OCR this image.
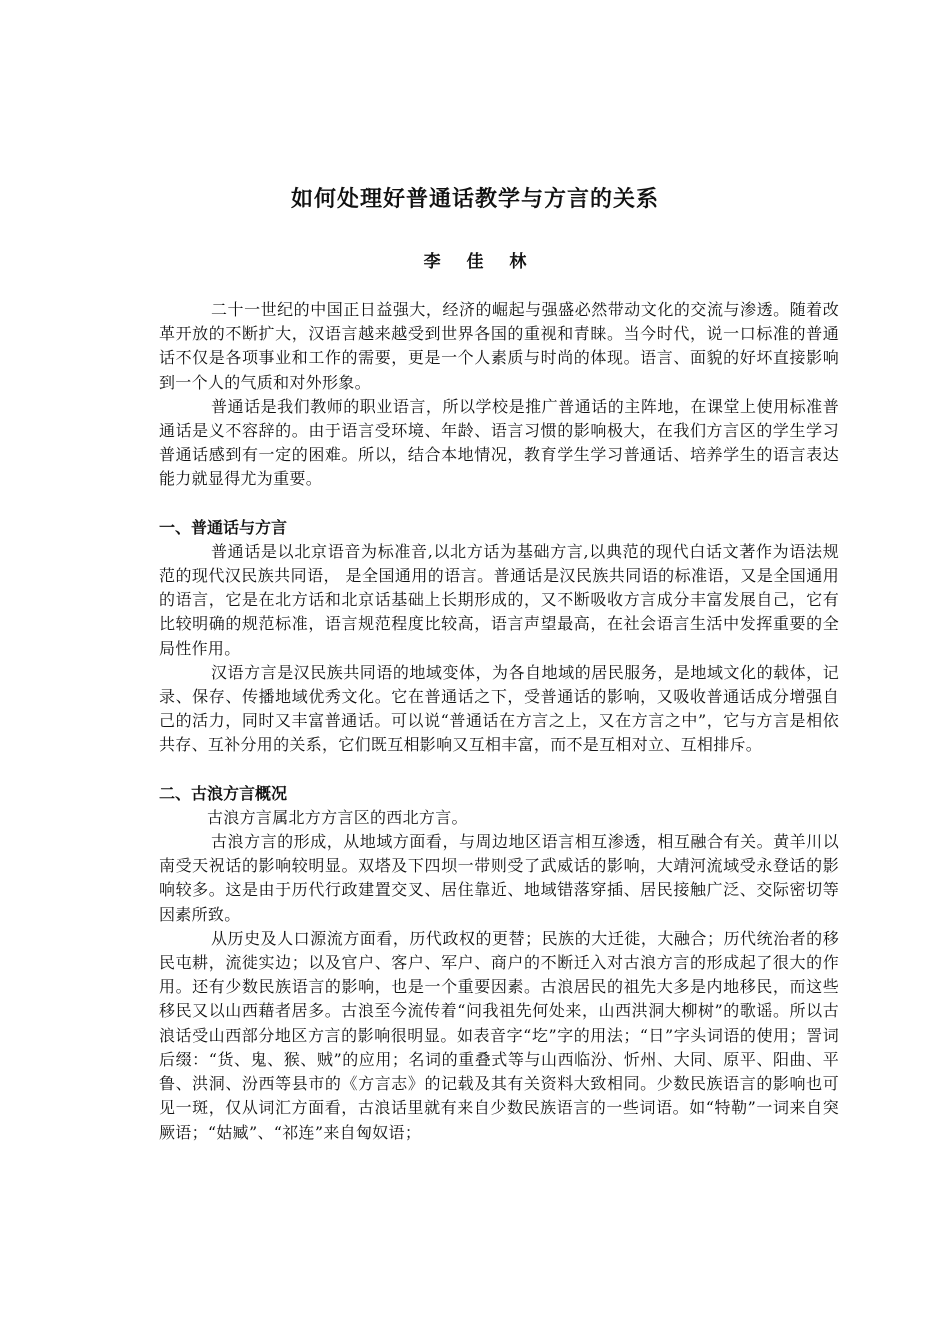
如何处理好普通话教学与方言的关系
李 佳 林

二十一世纪的中国正日益强大，经济的崛起与强盛必然带动文化的交流与渗透。随着改革开放的不断扩大，汉语言越来越受到世界各国的重视和青睐。当今时代，说一口标准的普通话不仅是各项事业和工作的需要，更是一个人素质与时尚的体现。语言、面貌的好坏直接影响到一个人的气质和对外形象。

普通话是我们教师的职业语言，所以学校是推广普通话的主阵地，在课堂上使用标准普通话是义不容辞的。由于语言受环境、年龄、语言习惯的影响极大，在我们方言区的学生学习普通话感到有一定的困难。所以，结合本地情况，教育学生学习普通话、培养学生的语言表达能力就显得尤为重要。

一、普通话与方言

普通话是以北京语音为标准音,以北方话为基础方言,以典范的现代白话文著作为语法规范的现代汉民族共同语， 是全国通用的语言。普通话是汉民族共同语的标准语，又是全国通用的语言，它是在北方话和北京话基础上长期形成的，又不断吸收方言成分丰富发展自己，它有比较明确的规范标准，语言规范程度比较高，语言声望最高，在社会语言生活中发挥重要的全局性作用。

汉语方言是汉民族共同语的地域变体，为各自地域的居民服务，是地域文化的载体，记录、保存、传播地域优秀文化。它在普通话之下，受普通话的影响，又吸收普通话成分增强自己的活力，同时又丰富普通话。可以说“普通话在方言之上，又在方言之中”，它与方言是相依共存、互补分用的关系，它们既互相影响又互相丰富，而不是互相对立、互相排斥。

二、古浪方言概况

古浪方言属北方方言区的西北方言。

古浪方言的形成，从地域方面看，与周边地区语言相互渗透，相互融合有关。黄羊川以南受天祝话的影响较明显。双塔及下四坝一带则受了武威话的影响，大靖河流域受永登话的影响较多。这是由于历代行政建置交叉、居住靠近、地域错落穿插、居民接触广泛、交际密切等因素所致。

从历史及人口源流方面看，历代政权的更替；民族的大迁徙，大融合；历代统治者的移民屯耕，流徙实边；以及官户、客户、军户、商户的不断迁入对古浪方言的形成起了很大的作用。还有少数民族语言的影响，也是一个重要因素。古浪居民的祖先大多是内地移民，而这些移民又以山西藉者居多。古浪至今流传着“问我祖先何处来，山西洪洞大柳树”的歌谣。所以古浪话受山西部分地区方言的影响很明显。如表音字“圪”字的用法；“日”字头词语的使用；詈词后缀：“货、鬼、猴、贼”的应用；名词的重叠式等与山西临汾、忻州、大同、原平、阳曲、平鲁、洪洞、汾西等县市的《方言志》的记载及其有关资料大致相同。少数民族语言的影响也可见一斑，仅从词汇方面看，古浪话里就有来自少数民族语言的一些词语。如“特勒”一词来自突厥语；“姑臧”、“祁连”来自匈奴语；
